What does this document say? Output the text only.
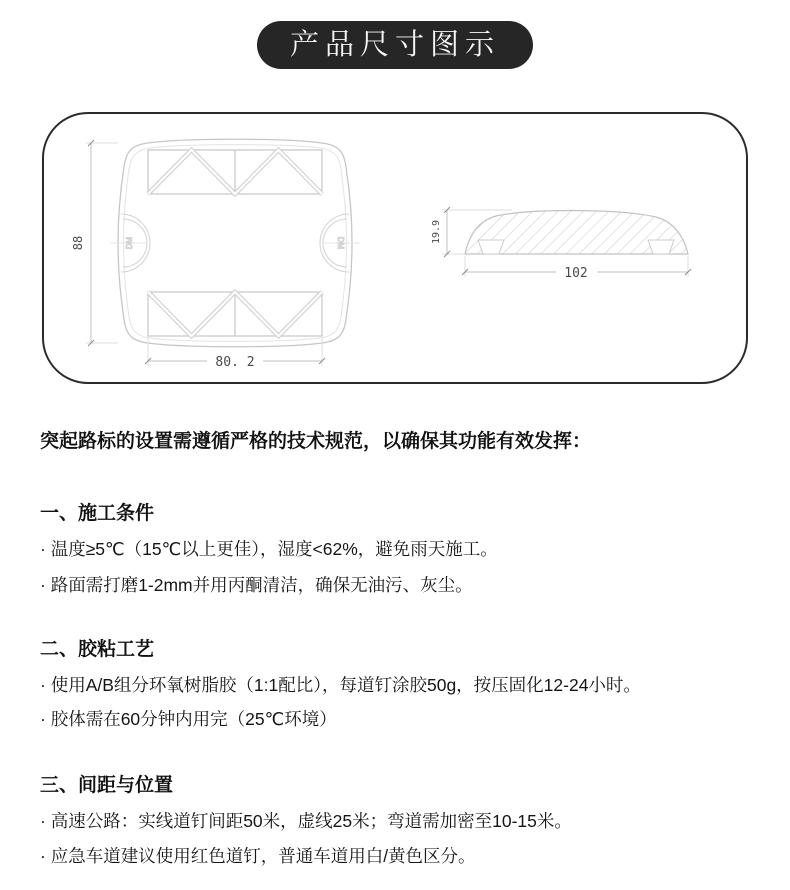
产品尺寸图示
DM	DM
88
80. 2
19.9
102
突起路标的设置需遵循严格的技术规范，以确保其功能有效发挥：
一、施工条件
· 温度≥5℃（15℃以上更佳），湿度<62%，避免雨天施工。
· 路面需打磨1-2mm并用丙酮清洁，确保无油污、灰尘。
二、胶粘工艺
· 使用A/B组分环氧树脂胶（1:1配比），每道钉涂胶50g，按压固化12-24小时。
· 胶体需在60分钟内用完（25℃环境）
三、间距与位置
· 高速公路：实线道钉间距50米，虚线25米；弯道需加密至10-15米。
· 应急车道建议使用红色道钉，普通车道用白/黄色区分。
